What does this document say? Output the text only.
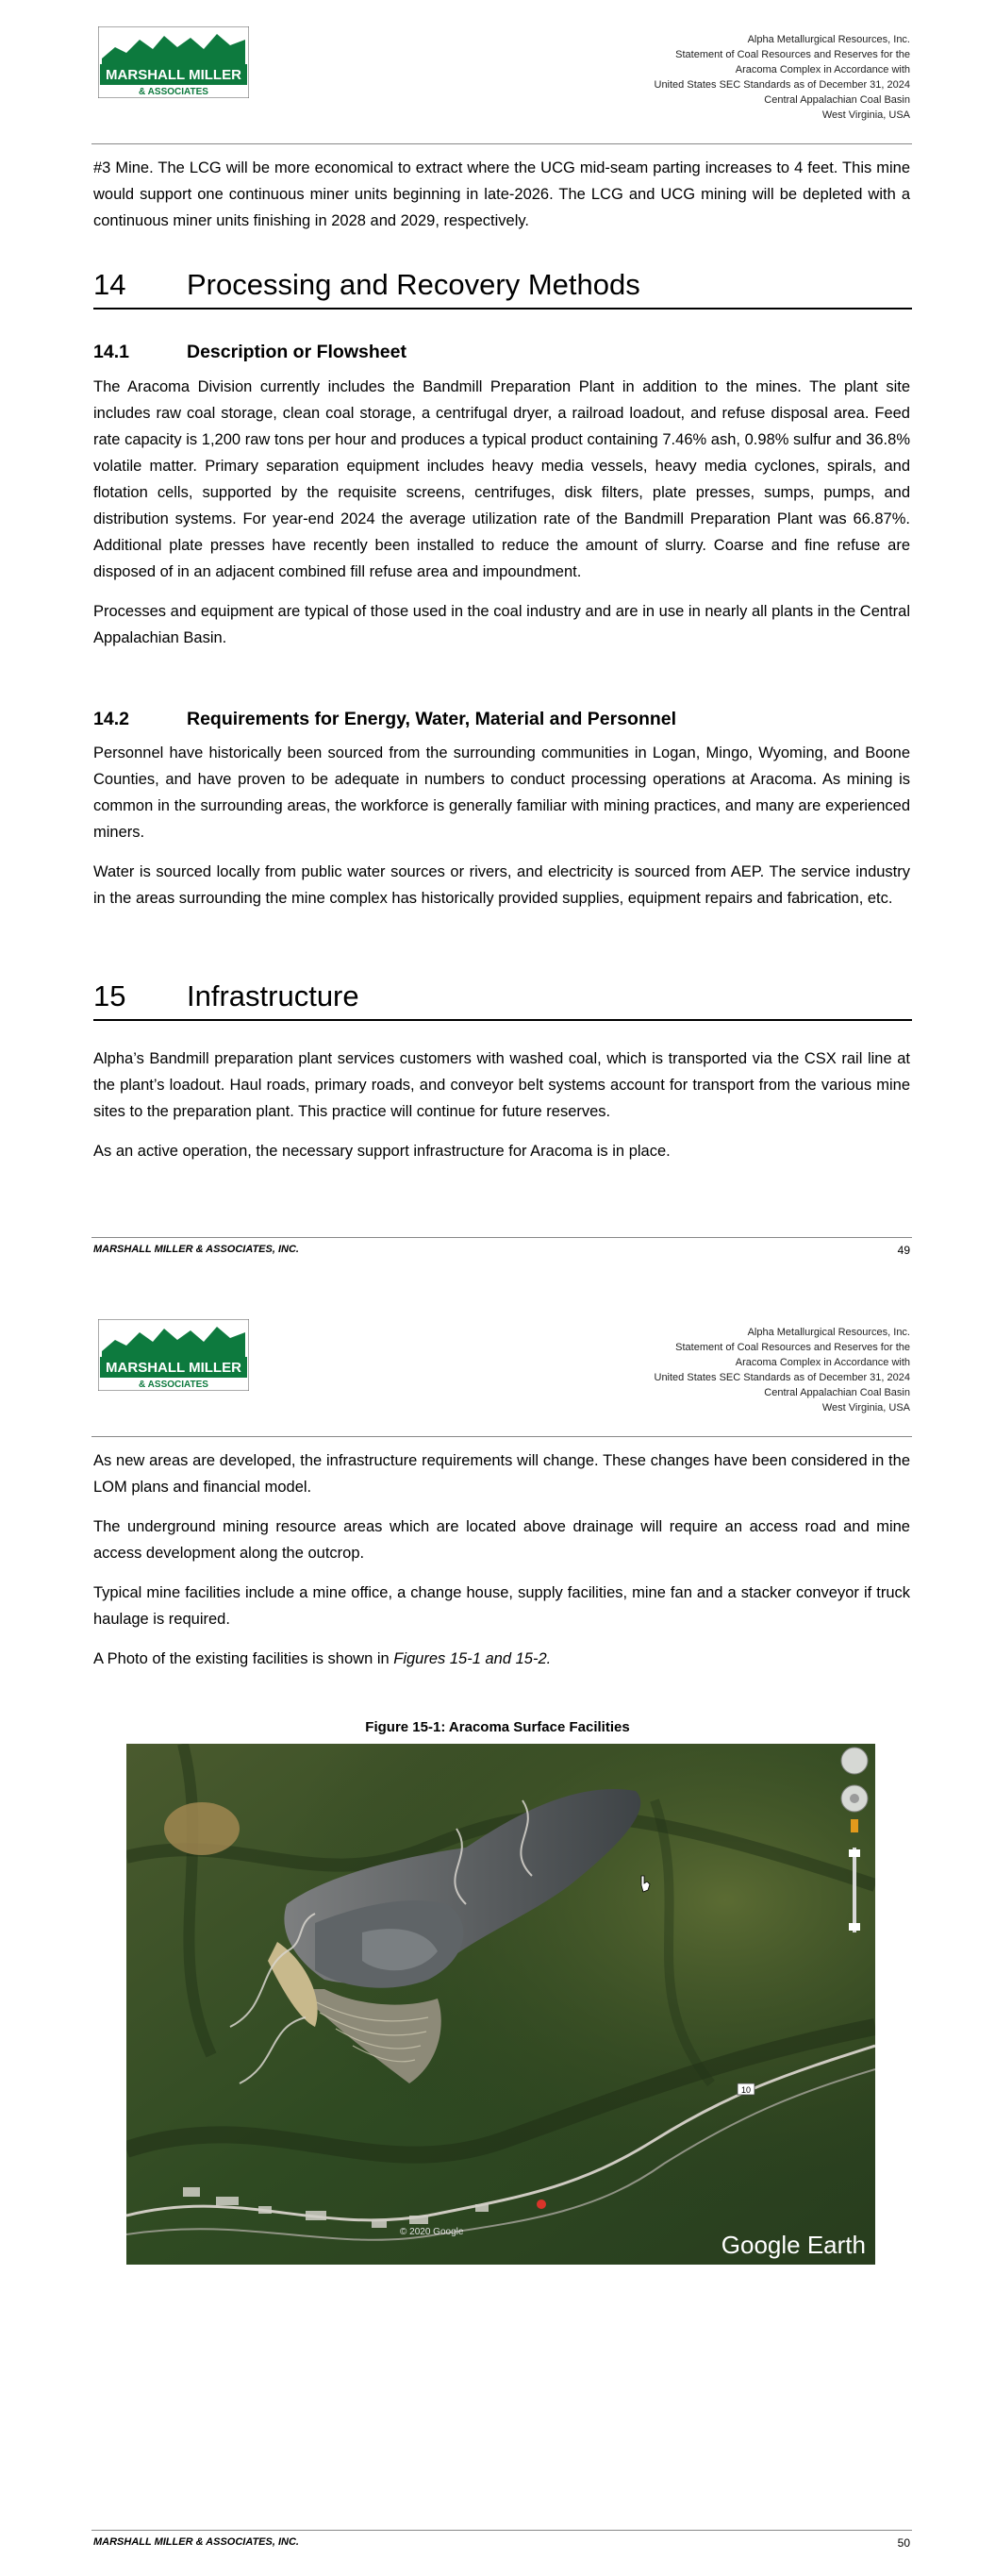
MARSHALL MILLER
& ASSOCIATES
Alpha Metallurgical Resources, Inc.
Statement of Coal Resources and Reserves for the
Aracoma Complex in Accordance with
United States SEC Standards as of December 31, 2024
Central Appalachian Coal Basin
West Virginia, USA

#3 Mine. The LCG will be more economical to extract where the UCG mid-seam parting increases to 4 feet. This mine would support one continuous miner units beginning in late-2026. The LCG and UCG mining will be depleted with a continuous miner units finishing in 2028 and 2029, respectively.

14 Processing and Recovery Methods
14.1	Description or Flowsheet

The Aracoma Division currently includes the Bandmill Preparation Plant in addition to the mines. The plant site includes raw coal storage, clean coal storage, a centrifugal dryer, a railroad loadout, and refuse disposal area. Feed rate capacity is 1,200 raw tons per hour and produces a typical product containing 7.46% ash, 0.98% sulfur and 36.8% volatile matter. Primary separation equipment includes heavy media vessels, heavy media cyclones, spirals, and flotation cells, supported by the requisite screens, centrifuges, disk filters, plate presses, sumps, pumps, and distribution systems. For year-end 2024 the average utilization rate of the Bandmill Preparation Plant was 66.87%. Additional plate presses have recently been installed to reduce the amount of slurry. Coarse and fine refuse are disposed of in an adjacent combined fill refuse area and impoundment.

Processes and equipment are typical of those used in the coal industry and are in use in nearly all plants in the Central Appalachian Basin.

14.2	Requirements for Energy, Water, Material and Personnel

Personnel have historically been sourced from the surrounding communities in Logan, Mingo, Wyoming, and Boone Counties, and have proven to be adequate in numbers to conduct processing operations at Aracoma. As mining is common in the surrounding areas, the workforce is generally familiar with mining practices, and many are experienced miners.

Water is sourced locally from public water sources or rivers, and electricity is sourced from AEP. The service industry in the areas surrounding the mine complex has historically provided supplies, equipment repairs and fabrication, etc.

15 Infrastructure

Alpha’s Bandmill preparation plant services customers with washed coal, which is transported via the CSX rail line at the plant’s loadout. Haul roads, primary roads, and conveyor belt systems account for transport from the various mine sites to the preparation plant. This practice will continue for future reserves.

As an active operation, the necessary support infrastructure for Aracoma is in place.

MARSHALL MILLER & ASSOCIATES, INC.	49
MARSHALL MILLER
& ASSOCIATES
Alpha Metallurgical Resources, Inc.
Statement of Coal Resources and Reserves for the
Aracoma Complex in Accordance with
United States SEC Standards as of December 31, 2024
Central Appalachian Coal Basin
West Virginia, USA

As new areas are developed, the infrastructure requirements will change. These changes have been considered in the LOM plans and financial model.

The underground mining resource areas which are located above drainage will require an access road and mine access development along the outcrop.

Typical mine facilities include a mine office, a change house, supply facilities, mine fan and a stacker conveyor if truck haulage is required.

A Photo of the existing facilities is shown in Figures 15-1 and 15-2.

Figure 15-1: Aracoma Surface Facilities
MARSHALL MILLER & ASSOCIATES, INC.	50
10
© 2020 Google	Google Earth
